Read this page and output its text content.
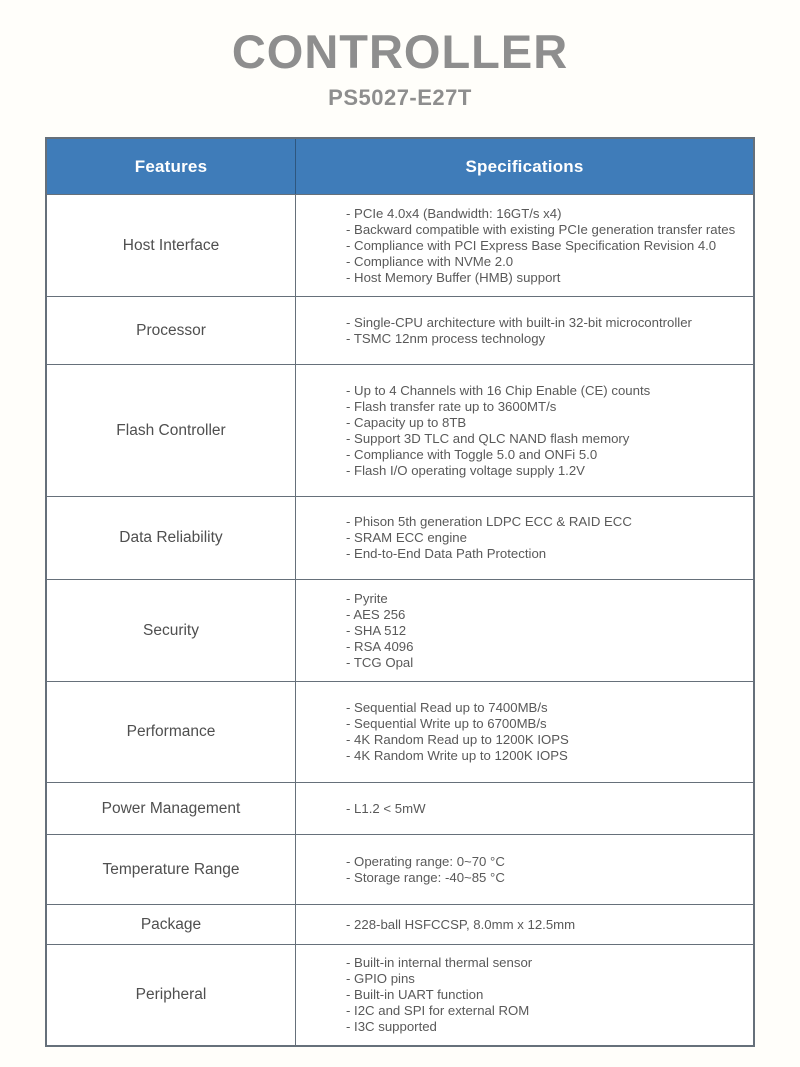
CONTROLLER
PS5027-E27T
Features	Specifications
Host Interface
- PCIe 4.0x4 (Bandwidth: 16GT/s x4)
- Backward compatible with existing PCIe generation transfer rates
- Compliance with PCI Express Base Specification Revision 4.0
- Compliance with NVMe 2.0
- Host Memory Buffer (HMB) support
Processor	- Single-CPU architecture with built-in 32-bit microcontroller
- TSMC 12nm process technology
Flash Controller
- Up to 4 Channels with 16 Chip Enable (CE) counts
- Flash transfer rate up to 3600MT/s
- Capacity up to 8TB
- Support 3D TLC and QLC NAND flash memory
- Compliance with Toggle 5.0 and ONFi 5.0
- Flash I/O operating voltage supply 1.2V
Data Reliability
- Phison 5th generation LDPC ECC & RAID ECC
- SRAM ECC engine
- End-to-End Data Path Protection
Security
- Pyrite
- AES 256
- SHA 512
- RSA 4096
- TCG Opal
Performance
- Sequential Read up to 7400MB/s
- Sequential Write up to 6700MB/s
- 4K Random Read up to 1200K IOPS
- 4K Random Write up to 1200K IOPS
Power Management	- L1.2 < 5mW
Temperature Range	- Operating range: 0~70 °C
- Storage range: -40~85 °C
Package	- 228-ball HSFCCSP, 8.0mm x 12.5mm
Peripheral
- Built-in internal thermal sensor
- GPIO pins
- Built-in UART function
- I2C and SPI for external ROM
- I3C supported
